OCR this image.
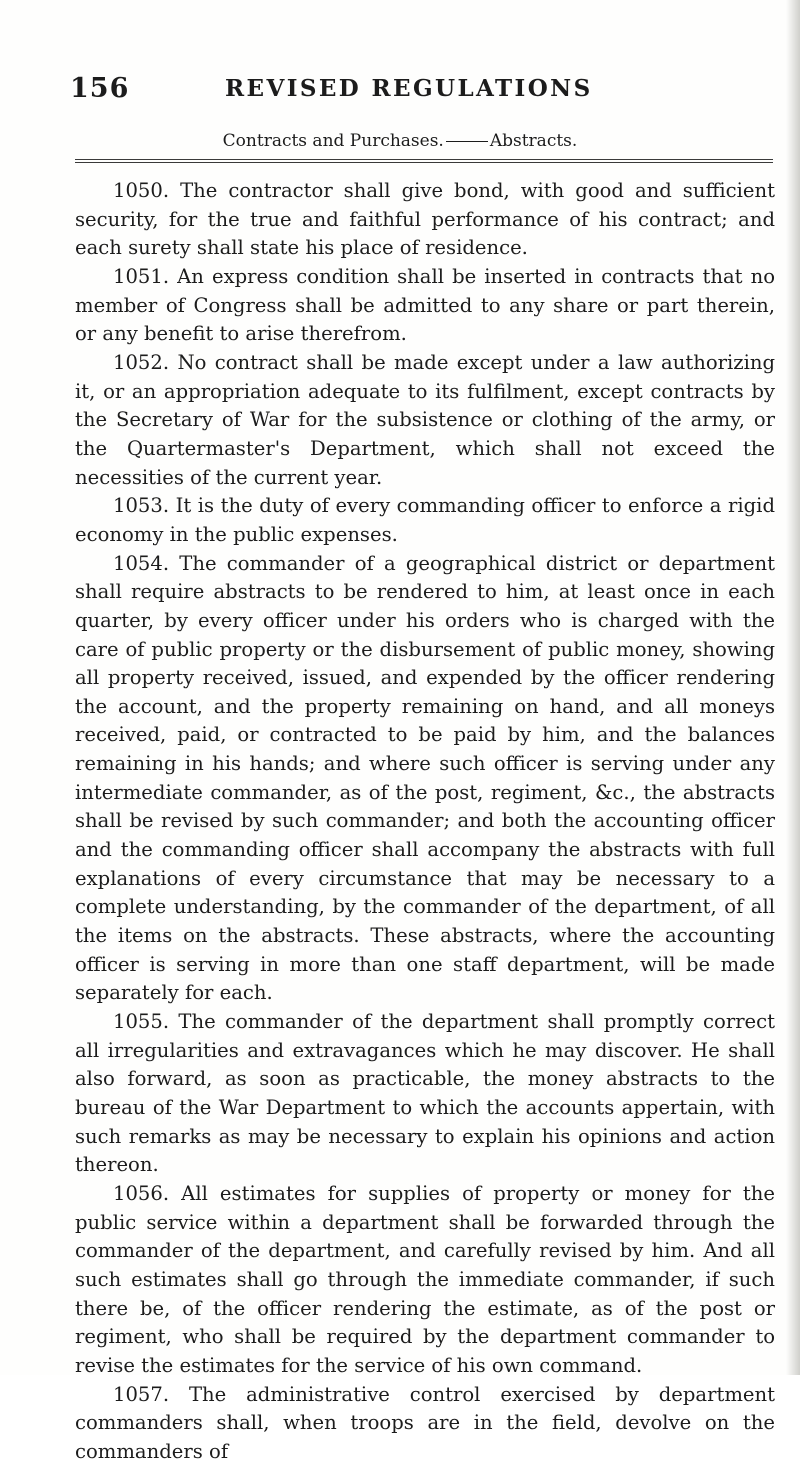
156	REVISED REGULATIONS
Contracts and Purchases.	Abstracts.

1050. The contractor shall give bond, with good and sufficient security, for the true and faithful performance of his contract; and each surety shall state his place of residence.

1051. An express condition shall be inserted in contracts that no member of Congress shall be admitted to any share or part therein, or any benefit to arise therefrom.

1052. No contract shall be made except under a law authorizing it, or an appropriation adequate to its fulfilment, except contracts by the Secretary of War for the subsistence or clothing of the army, or the Quartermaster's Department, which shall not exceed the necessities of the current year.

1053. It is the duty of every commanding officer to enforce a rigid economy in the public expenses.

1054. The commander of a geographical district or department shall require abstracts to be rendered to him, at least once in each quarter, by every officer under his orders who is charged with the care of public property or the disbursement of public money, showing all property received, issued, and expended by the officer rendering the account, and the property remaining on hand, and all moneys received, paid, or contracted to be paid by him, and the balances remaining in his hands; and where such officer is serving under any intermediate commander, as of the post, regiment, &c., the abstracts shall be revised by such commander; and both the accounting officer and the commanding officer shall accompany the abstracts with full explanations of every circumstance that may be necessary to a complete understanding, by the commander of the department, of all the items on the abstracts. These abstracts, where the accounting officer is serving in more than one staff department, will be made separately for each.

1055. The commander of the department shall promptly correct all irregularities and extravagances which he may discover. He shall also forward, as soon as practicable, the money abstracts to the bureau of the War Department to which the accounts appertain, with such remarks as may be necessary to explain his opinions and action thereon.

1056. All estimates for supplies of property or money for the public service within a department shall be forwarded through the commander of the department, and carefully revised by him. And all such estimates shall go through the immediate commander, if such there be, of the officer rendering the estimate, as of the post or regiment, who shall be required by the department commander to revise the estimates for the service of his own command.

1057. The administrative control exercised by department commanders shall, when troops are in the field, devolve on the commanders of
